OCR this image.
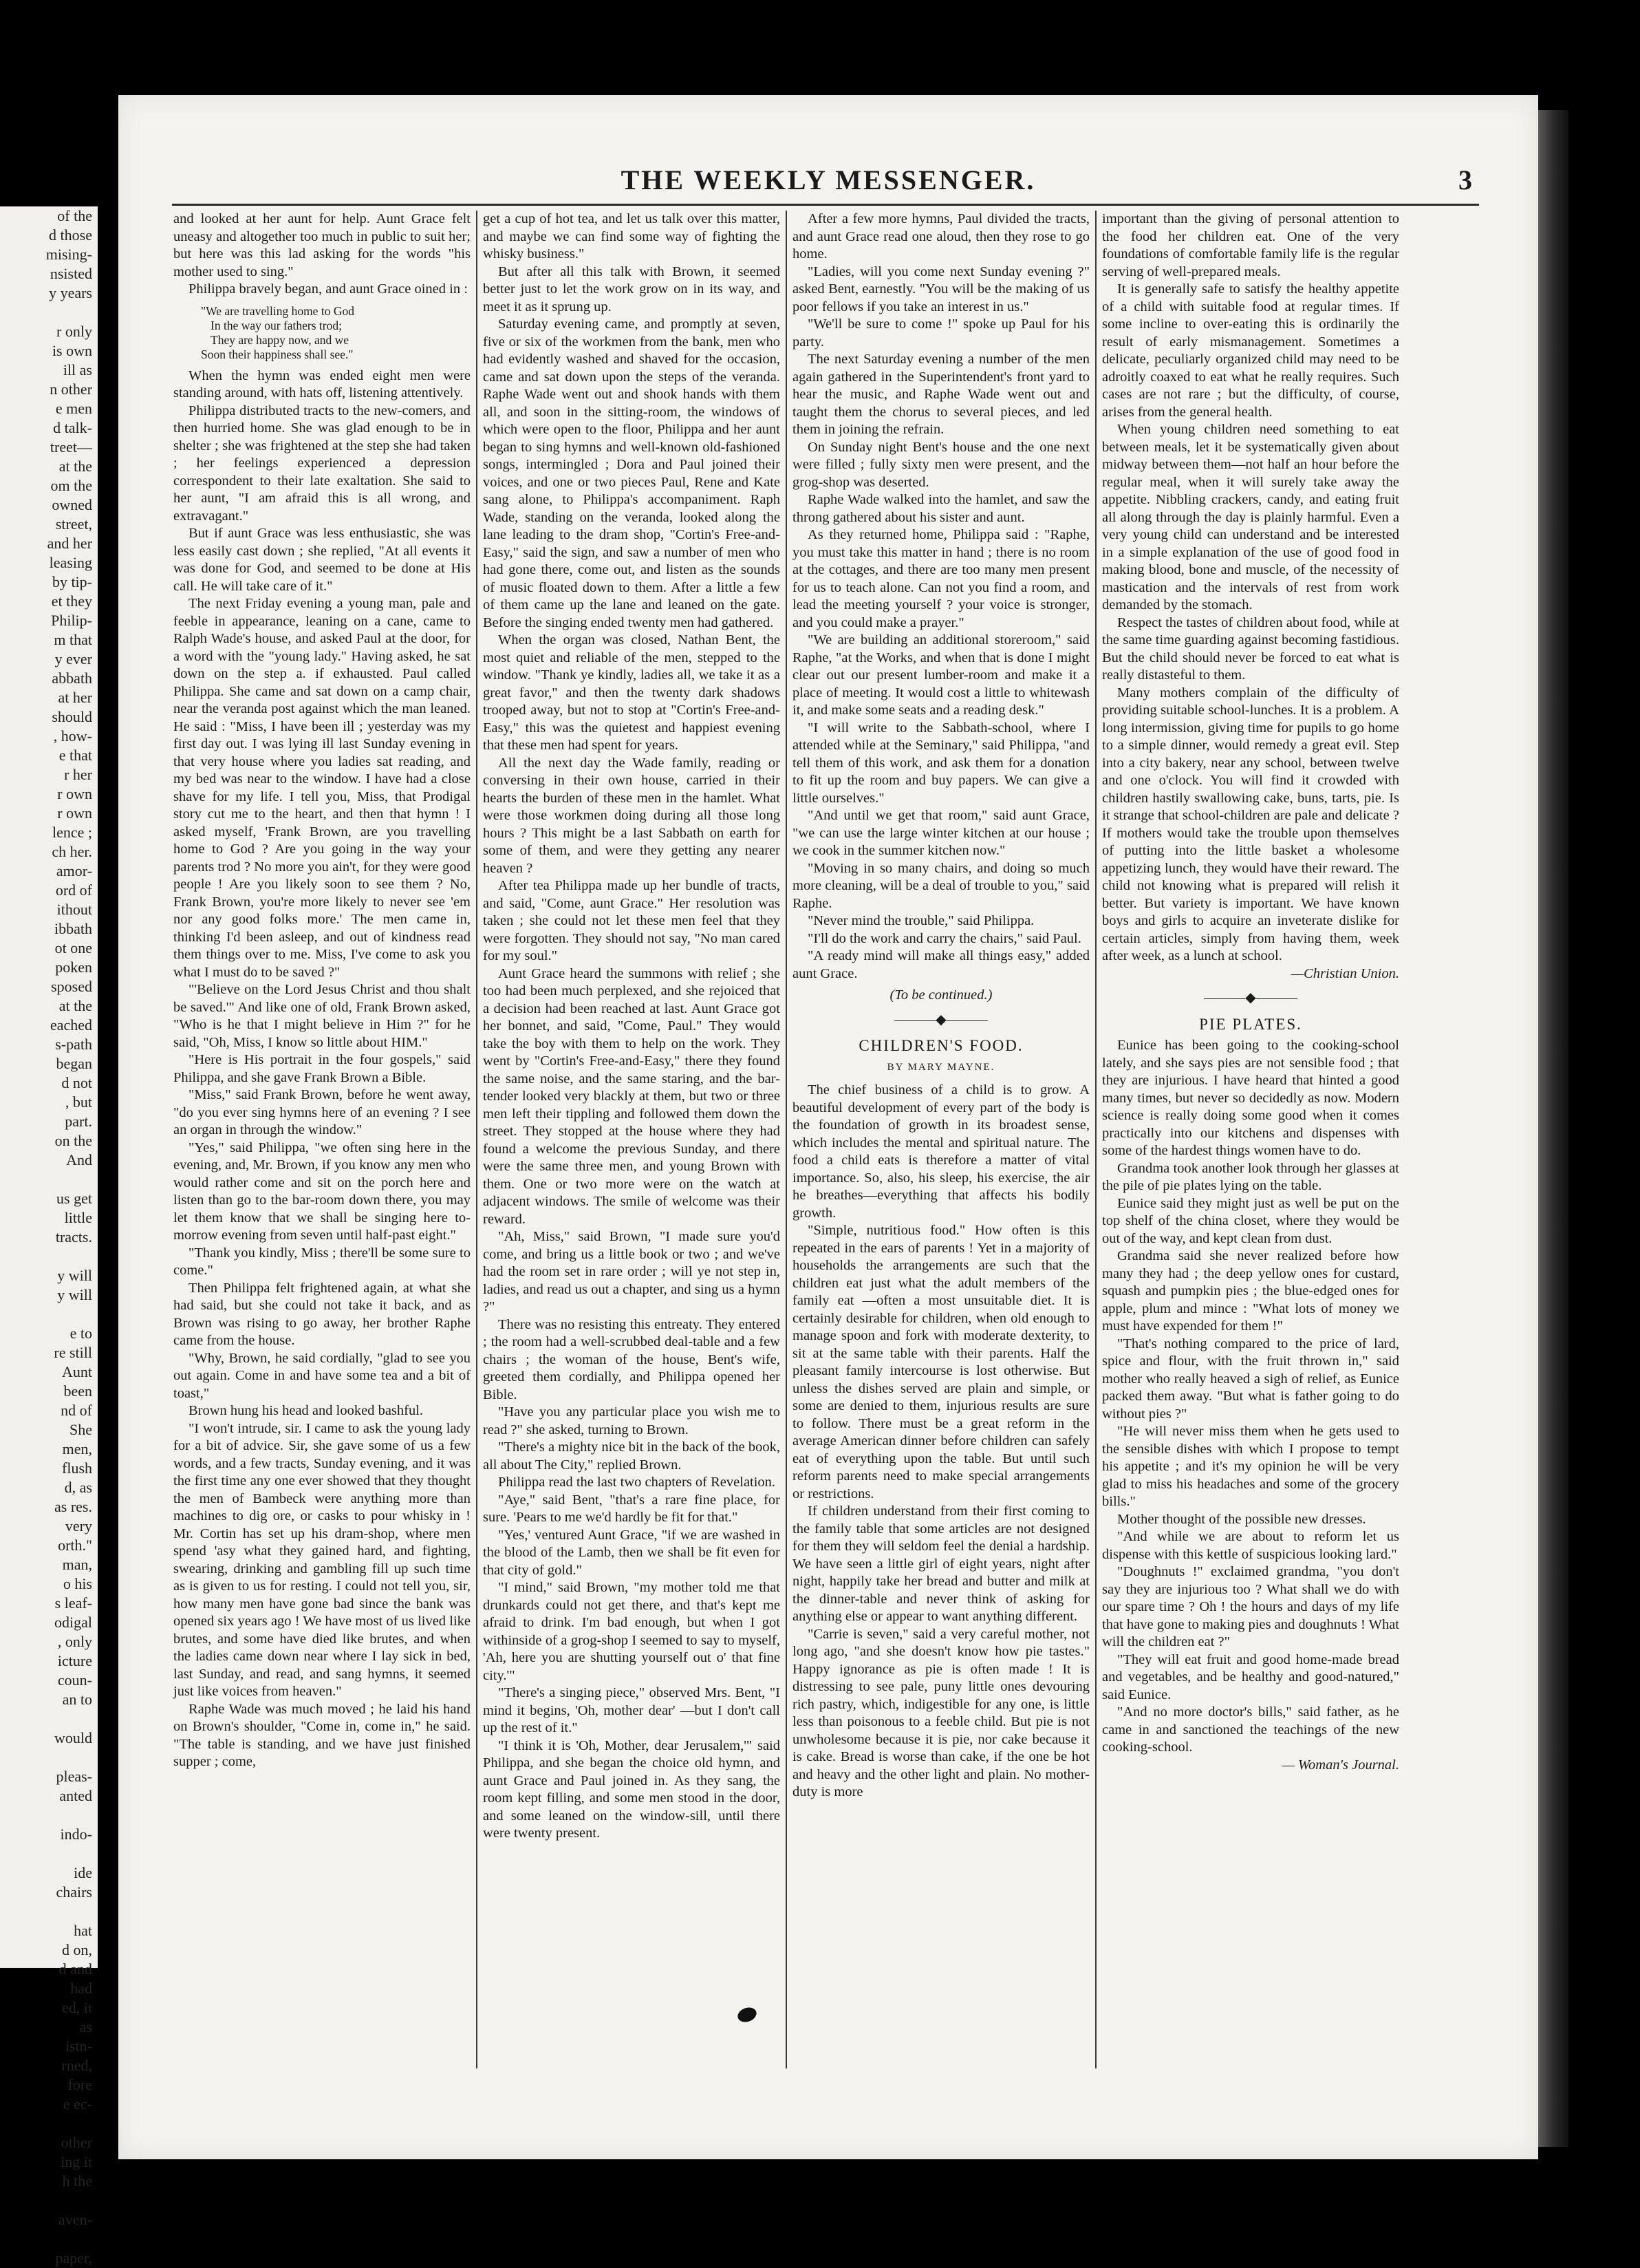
of the
d those
mising-
nsisted
y years

r only
is own
ill as
n other
e men
d talk-
treet—
at the
om the
owned
street,
and her
leasing
by tip-
et they
Philip-
m that
y ever
abbath
at her
should
, how-
e that
r her
r own
r own
lence ;
ch her.
amor-
ord of
ithout
ibbath
ot one
poken
sposed
at the
eached
s-path
began
d not
, but
part.
on the
And

us get
little
tracts.

y will
y will

e to
re still
Aunt
been
nd of
She
men,
flush
d, as
as res.
very
orth."
man,
o his
s leaf-
odigal
, only
icture
coun-
an to

would

pleas-
anted

indo-

ide
chairs

hat
d on,
d and
had
ed, it
as
istn-
rned,
fore
e ec-

other
ing it
h the

aven-

paper,
THE WEEKLY MESSENGER.	3

and looked at her aunt for help. Aunt Grace felt uneasy and altogether too much in public to suit her; but here was this lad asking for the words "his mother used to sing."

Philippa bravely began, and aunt Grace oined in :

"We are travelling home to God
In the way our fathers trod;
They are happy now, and we
Soon their happiness shall see."

When the hymn was ended eight men were standing around, with hats off, listening attentively.

Philippa distributed tracts to the new-comers, and then hurried home. She was glad enough to be in shelter ; she was frightened at the step she had taken ; her feelings experienced a depression correspondent to their late exaltation. She said to her aunt, "I am afraid this is all wrong, and extravagant."

But if aunt Grace was less enthusiastic, she was less easily cast down ; she replied, "At all events it was done for God, and seemed to be done at His call. He will take care of it."

The next Friday evening a young man, pale and feeble in appearance, leaning on a cane, came to Ralph Wade's house, and asked Paul at the door, for a word with the "young lady." Having asked, he sat down on the step a. if exhausted. Paul called Philippa. She came and sat down on a camp chair, near the veranda post against which the man leaned. He said : "Miss, I have been ill ; yesterday was my first day out. I was lying ill last Sunday evening in that very house where you ladies sat reading, and my bed was near to the window. I have had a close shave for my life. I tell you, Miss, that Prodigal story cut me to the heart, and then that hymn ! I asked myself, 'Frank Brown, are you travelling home to God ? Are you going in the way your parents trod ? No more you ain't, for they were good people ! Are you likely soon to see them ? No, Frank Brown, you're more likely to never see 'em nor any good folks more.' The men came in, thinking I'd been asleep, and out of kindness read them things over to me. Miss, I've come to ask you what I must do to be saved ?"

"'Believe on the Lord Jesus Christ and thou shalt be saved.'" And like one of old, Frank Brown asked, "Who is he that I might believe in Him ?" for he said, "Oh, Miss, I know so little about HIM."

"Here is His portrait in the four gospels," said Philippa, and she gave Frank Brown a Bible.

"Miss," said Frank Brown, before he went away, "do you ever sing hymns here of an evening ? I see an organ in through the window."

"Yes," said Philippa, "we often sing here in the evening, and, Mr. Brown, if you know any men who would rather come and sit on the porch here and listen than go to the bar-room down there, you may let them know that we shall be singing here to-morrow evening from seven until half-past eight."

"Thank you kindly, Miss ; there'll be some sure to come."

Then Philippa felt frightened again, at what she had said, but she could not take it back, and as Brown was rising to go away, her brother Raphe came from the house.

"Why, Brown, he said cordially, "glad to see you out again. Come in and have some tea and a bit of toast,"

Brown hung his head and looked bashful.

"I won't intrude, sir. I came to ask the young lady for a bit of advice. Sir, she gave some of us a few words, and a few tracts, Sunday evening, and it was the first time any one ever showed that they thought the men of Bambeck were anything more than machines to dig ore, or casks to pour whisky in ! Mr. Cortin has set up his dram-shop, where men spend 'asy what they gained hard, and fighting, swearing, drinking and gambling fill up such time as is given to us for resting. I could not tell you, sir, how many men have gone bad since the bank was opened six years ago ! We have most of us lived like brutes, and some have died like brutes, and when the ladies came down near where I lay sick in bed, last Sunday, and read, and sang hymns, it seemed just like voices from heaven."

Raphe Wade was much moved ; he laid his hand on Brown's shoulder, "Come in, come in," he said. "The table is standing, and we have just finished supper ; come,

get a cup of hot tea, and let us talk over this matter, and maybe we can find some way of fighting the whisky business."

But after all this talk with Brown, it seemed better just to let the work grow on in its way, and meet it as it sprung up.

Saturday evening came, and promptly at seven, five or six of the workmen from the bank, men who had evidently washed and shaved for the occasion, came and sat down upon the steps of the veranda. Raphe Wade went out and shook hands with them all, and soon in the sitting-room, the windows of which were open to the floor, Philippa and her aunt began to sing hymns and well-known old-fashioned songs, intermingled ; Dora and Paul joined their voices, and one or two pieces Paul, Rene and Kate sang alone, to Philippa's accompaniment. Raph Wade, standing on the veranda, looked along the lane leading to the dram shop, "Cortin's Free-and-Easy," said the sign, and saw a number of men who had gone there, come out, and listen as the sounds of music floated down to them. After a little a few of them came up the lane and leaned on the gate. Before the singing ended twenty men had gathered.

When the organ was closed, Nathan Bent, the most quiet and reliable of the men, stepped to the window. "Thank ye kindly, ladies all, we take it as a great favor," and then the twenty dark shadows trooped away, but not to stop at "Cortin's Free-and-Easy," this was the quietest and happiest evening that these men had spent for years.

All the next day the Wade family, reading or conversing in their own house, carried in their hearts the burden of these men in the hamlet. What were those workmen doing during all those long hours ? This might be a last Sabbath on earth for some of them, and were they getting any nearer heaven ?

After tea Philippa made up her bundle of tracts, and said, "Come, aunt Grace." Her resolution was taken ; she could not let these men feel that they were forgotten. They should not say, "No man cared for my soul."

Aunt Grace heard the summons with relief ; she too had been much perplexed, and she rejoiced that a decision had been reached at last. Aunt Grace got her bonnet, and said, "Come, Paul." They would take the boy with them to help on the work. They went by "Cortin's Free-and-Easy," there they found the same noise, and the same staring, and the bar-tender looked very blackly at them, but two or three men left their tippling and followed them down the street. They stopped at the house where they had found a welcome the previous Sunday, and there were the same three men, and young Brown with them. One or two more were on the watch at adjacent windows. The smile of welcome was their reward.

"Ah, Miss," said Brown, "I made sure you'd come, and bring us a little book or two ; and we've had the room set in rare order ; will ye not step in, ladies, and read us out a chapter, and sing us a hymn ?"

There was no resisting this entreaty. They entered ; the room had a well-scrubbed deal-table and a few chairs ; the woman of the house, Bent's wife, greeted them cordially, and Philippa opened her Bible.

"Have you any particular place you wish me to read ?" she asked, turning to Brown.

"There's a mighty nice bit in the back of the book, all about The City," replied Brown.

Philippa read the last two chapters of Revelation.

"Aye," said Bent, "that's a rare fine place, for sure. 'Pears to me we'd hardly be fit for that."

"Yes,' ventured Aunt Grace, "if we are washed in the blood of the Lamb, then we shall be fit even for that city of gold."

"I mind," said Brown, "my mother told me that drunkards could not get there, and that's kept me afraid to drink. I'm bad enough, but when I got withinside of a grog-shop I seemed to say to myself, 'Ah, here you are shutting yourself out o' that fine city.'"

"There's a singing piece," observed Mrs. Bent, "I mind it begins, 'Oh, mother dear' —but I don't call up the rest of it."

"I think it is 'Oh, Mother, dear Jerusalem,'" said Philippa, and she began the choice old hymn, and aunt Grace and Paul joined in. As they sang, the room kept filling, and some men stood in the door, and some leaned on the window-sill, until there were twenty present.

After a few more hymns, Paul divided the tracts, and aunt Grace read one aloud, then they rose to go home.

"Ladies, will you come next Sunday evening ?" asked Bent, earnestly. "You will be the making of us poor fellows if you take an interest in us."

"We'll be sure to come !" spoke up Paul for his party.

The next Saturday evening a number of the men again gathered in the Superintendent's front yard to hear the music, and Raphe Wade went out and taught them the chorus to several pieces, and led them in joining the refrain.

On Sunday night Bent's house and the one next were filled ; fully sixty men were present, and the grog-shop was deserted.

Raphe Wade walked into the hamlet, and saw the throng gathered about his sister and aunt.

As they returned home, Philippa said : "Raphe, you must take this matter in hand ; there is no room at the cottages, and there are too many men present for us to teach alone. Can not you find a room, and lead the meeting yourself ? your voice is stronger, and you could make a prayer."

"We are building an additional storeroom," said Raphe, "at the Works, and when that is done I might clear out our present lumber-room and make it a place of meeting. It would cost a little to whitewash it, and make some seats and a reading desk."

"I will write to the Sabbath-school, where I attended while at the Seminary," said Philippa, "and tell them of this work, and ask them for a donation to fit up the room and buy papers. We can give a little ourselves."

"And until we get that room," said aunt Grace, "we can use the large winter kitchen at our house ; we cook in the summer kitchen now."

"Moving in so many chairs, and doing so much more cleaning, will be a deal of trouble to you," said Raphe.

"Never mind the trouble," said Philippa.

"I'll do the work and carry the chairs," said Paul.

"A ready mind will make all things easy," added aunt Grace.

(To be continued.)

———◆———
CHILDREN'S FOOD.
BY MARY MAYNE.

The chief business of a child is to grow. A beautiful development of every part of the body is the foundation of growth in its broadest sense, which includes the mental and spiritual nature. The food a child eats is therefore a matter of vital importance. So, also, his sleep, his exercise, the air he breathes—everything that affects his bodily growth.

"Simple, nutritious food." How often is this repeated in the ears of parents ! Yet in a majority of households the arrangements are such that the children eat just what the adult members of the family eat —often a most unsuitable diet. It is certainly desirable for children, when old enough to manage spoon and fork with moderate dexterity, to sit at the same table with their parents. Half the pleasant family intercourse is lost otherwise. But unless the dishes served are plain and simple, or some are denied to them, injurious results are sure to follow. There must be a great reform in the average American dinner before children can safely eat of everything upon the table. But until such reform parents need to make special arrangements or restrictions.

If children understand from their first coming to the family table that some articles are not designed for them they will seldom feel the denial a hardship. We have seen a little girl of eight years, night after night, happily take her bread and butter and milk at the dinner-table and never think of asking for anything else or appear to want anything different.

"Carrie is seven," said a very careful mother, not long ago, "and she doesn't know how pie tastes." Happy ignorance as pie is often made ! It is distressing to see pale, puny little ones devouring rich pastry, which, indigestible for any one, is little less than poisonous to a feeble child. But pie is not unwholesome because it is pie, nor cake because it is cake. Bread is worse than cake, if the one be hot and heavy and the other light and plain. No mother-duty is more

important than the giving of personal attention to the food her children eat. One of the very foundations of comfortable family life is the regular serving of well-prepared meals.

It is generally safe to satisfy the healthy appetite of a child with suitable food at regular times. If some incline to over-eating this is ordinarily the result of early mismanagement. Sometimes a delicate, peculiarly organized child may need to be adroitly coaxed to eat what he really requires. Such cases are not rare ; but the difficulty, of course, arises from the general health.

When young children need something to eat between meals, let it be systematically given about midway between them—not half an hour before the regular meal, when it will surely take away the appetite. Nibbling crackers, candy, and eating fruit all along through the day is plainly harmful. Even a very young child can understand and be interested in a simple explanation of the use of good food in making blood, bone and muscle, of the necessity of mastication and the intervals of rest from work demanded by the stomach.

Respect the tastes of children about food, while at the same time guarding against becoming fastidious. But the child should never be forced to eat what is really distasteful to them.

Many mothers complain of the difficulty of providing suitable school-lunches. It is a problem. A long intermission, giving time for pupils to go home to a simple dinner, would remedy a great evil. Step into a city bakery, near any school, between twelve and one o'clock. You will find it crowded with children hastily swallowing cake, buns, tarts, pie. Is it strange that school-children are pale and delicate ? If mothers would take the trouble upon themselves of putting into the little basket a wholesome appetizing lunch, they would have their reward. The child not knowing what is prepared will relish it better. But variety is important. We have known boys and girls to acquire an inveterate dislike for certain articles, simply from having them, week after week, as a lunch at school.

—Christian Union.

———◆———
PIE PLATES.

Eunice has been going to the cooking-school lately, and she says pies are not sensible food ; that they are injurious. I have heard that hinted a good many times, but never so decidedly as now. Modern science is really doing some good when it comes practically into our kitchens and dispenses with some of the hardest things women have to do.

Grandma took another look through her glasses at the pile of pie plates lying on the table.

Eunice said they might just as well be put on the top shelf of the china closet, where they would be out of the way, and kept clean from dust.

Grandma said she never realized before how many they had ; the deep yellow ones for custard, squash and pumpkin pies ; the blue-edged ones for apple, plum and mince : "What lots of money we must have expended for them !"

"That's nothing compared to the price of lard, spice and flour, with the fruit thrown in," said mother who really heaved a sigh of relief, as Eunice packed them away. "But what is father going to do without pies ?"

"He will never miss them when he gets used to the sensible dishes with which I propose to tempt his appetite ; and it's my opinion he will be very glad to miss his headaches and some of the grocery bills."

Mother thought of the possible new dresses.

"And while we are about to reform let us dispense with this kettle of suspicious looking lard."

"Doughnuts !" exclaimed grandma, "you don't say they are injurious too ? What shall we do with our spare time ? Oh ! the hours and days of my life that have gone to making pies and doughnuts ! What will the children eat ?"

"They will eat fruit and good home-made bread and vegetables, and be healthy and good-natured," said Eunice.

"And no more doctor's bills," said father, as he came in and sanctioned the teachings of the new cooking-school.

— Woman's Journal.
